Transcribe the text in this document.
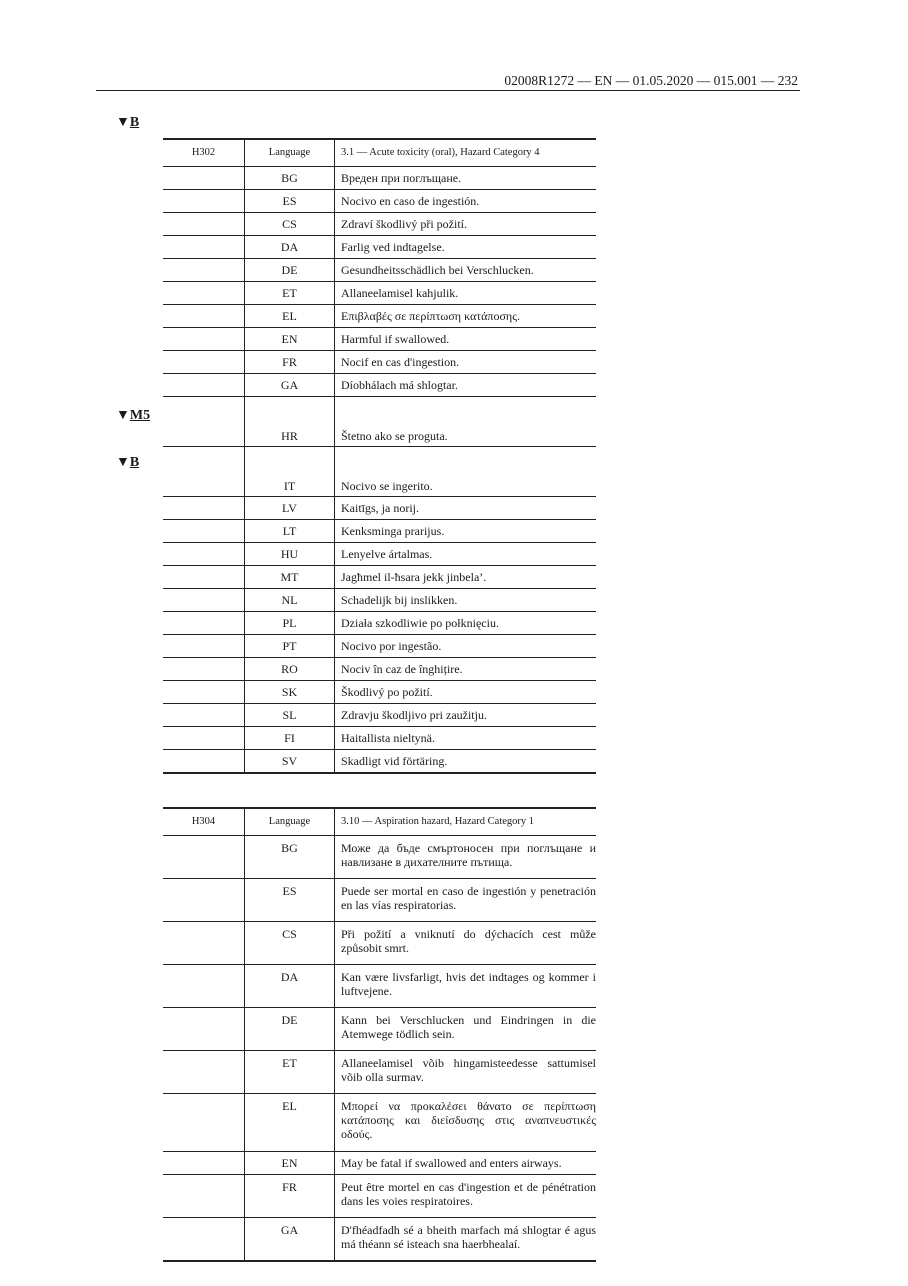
02008R1272 — EN — 01.05.2020 — 015.001 — 232
▼B
▼M5
▼B
H302	Language	3.1 — Acute toxicity (oral), Hazard Category 4
	BG	Вреден при поглъщане.
	ES	Nocivo en caso de ingestión.
	CS	Zdraví škodlivý při požití.
	DA	Farlig ved indtagelse.
	DE	Gesundheitsschädlich bei Verschlucken.
	ET	Allaneelamisel kahjulik.
	EL	Επιβλαβές σε περίπτωση κατάποσης.
	EN	Harmful if swallowed.
	FR	Nocif en cas d'ingestion.
	GA	Díobhálach má shlogtar.
	HR	Štetno ako se proguta.
	IT	Nocivo se ingerito.
	LV	Kaitīgs, ja norij.
	LT	Kenksminga prarijus.
	HU	Lenyelve ártalmas.
	MT	Jagħmel il-ħsara jekk jinbela’.
	NL	Schadelijk bij inslikken.
	PL	Działa szkodliwie po połknięciu.
	PT	Nocivo por ingestão.
	RO	Nociv în caz de înghițire.
	SK	Škodlivý po požití.
	SL	Zdravju škodljivo pri zaužitju.
	FI	Haitallista nieltynä.
	SV	Skadligt vid förtäring.
H304	Language	3.10 — Aspiration hazard, Hazard Category 1
	BG	Може да бъде смъртоносен при поглъщане и навлизане в дихателните пътища.
	ES	Puede ser mortal en caso de ingestión y penetración en las vías respiratorias.
	CS	Při požití a vniknutí do dýchacích cest může způsobit smrt.
	DA	Kan være livsfarligt, hvis det indtages og kommer i luftvejene.
	DE	Kann bei Verschlucken und Eindringen in die Atemwege tödlich sein.
	ET	Allaneelamisel võib hingamisteedesse sattumisel võib olla surmav.
	EL	Μπορεί να προκαλέσει θάνατο σε περίπτωση κατάποσης και διείσδυσης στις αναπνευστικές οδούς.
	EN	May be fatal if swallowed and enters airways.
	FR	Peut être mortel en cas d'ingestion et de pénétration dans les voies respiratoires.
	GA	D'fhéadfadh sé a bheith marfach má shlogtar é agus má théann sé isteach sna haerbhealaí.
